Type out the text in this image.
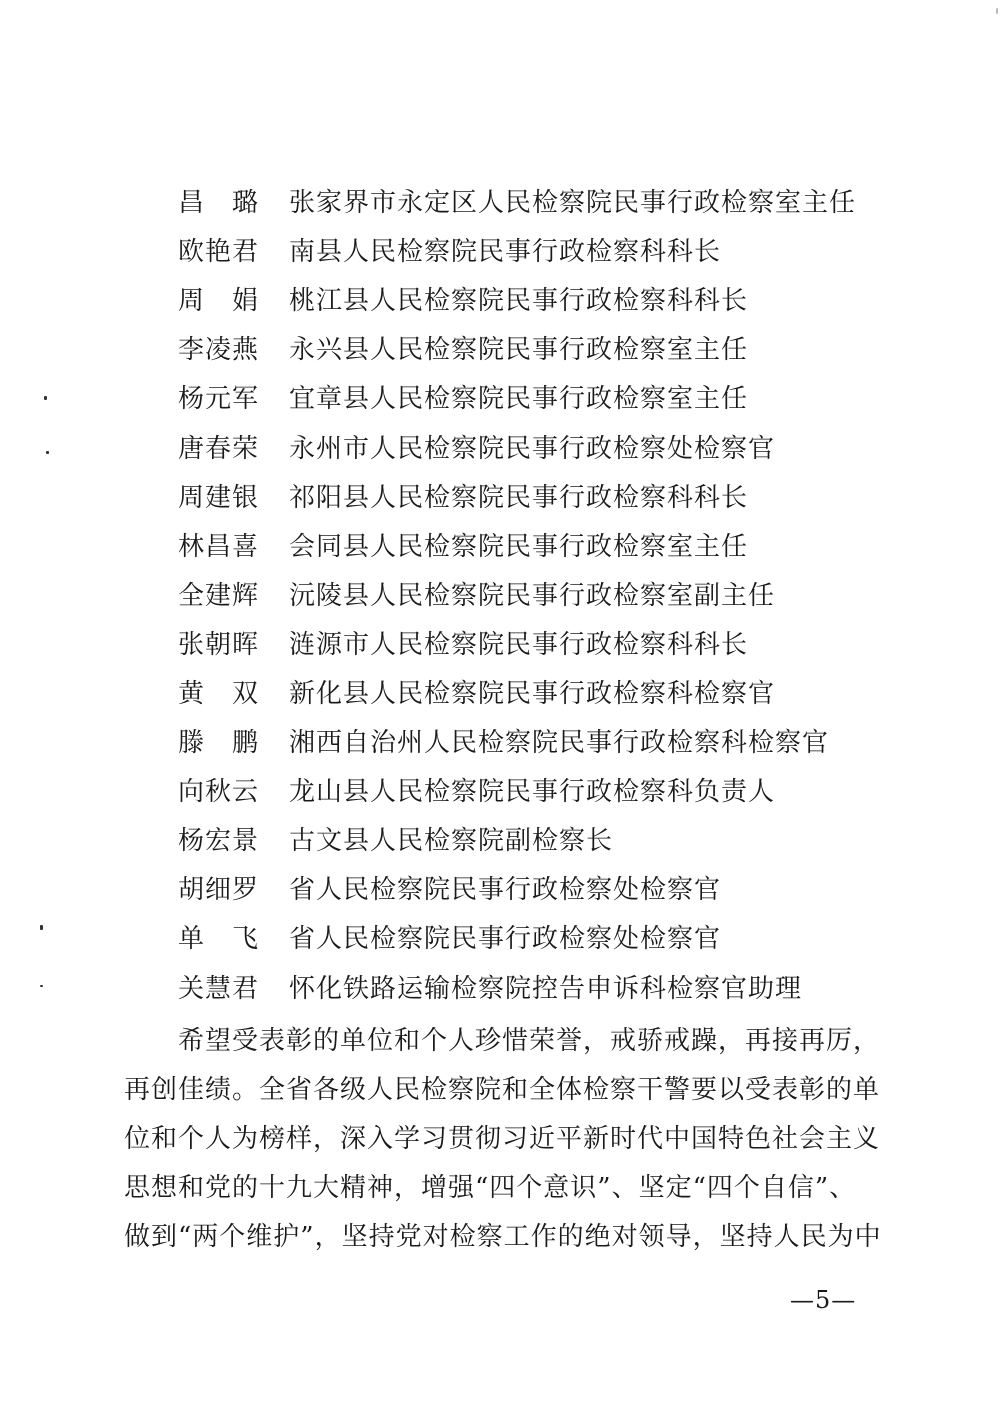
昌　璐	张家界市永定区人民检察院民事行政检察室主任
欧艳君	南县人民检察院民事行政检察科科长
周　娟	桃江县人民检察院民事行政检察科科长
李凌燕	永兴县人民检察院民事行政检察室主任
杨元军	宜章县人民检察院民事行政检察室主任
唐春荣	永州市人民检察院民事行政检察处检察官
周建银	祁阳县人民检察院民事行政检察科科长
林昌喜	会同县人民检察院民事行政检察室主任
全建辉	沅陵县人民检察院民事行政检察室副主任
张朝晖	涟源市人民检察院民事行政检察科科长
黄　双	新化县人民检察院民事行政检察科检察官
滕　鹏	湘西自治州人民检察院民事行政检察科检察官
向秋云	龙山县人民检察院民事行政检察科负责人
杨宏景	古文县人民检察院副检察长
胡细罗	省人民检察院民事行政检察处检察官
单　飞	省人民检察院民事行政检察处检察官
关慧君	怀化铁路运输检察院控告申诉科检察官助理
希望受表彰的单位和个人珍惜荣誉，戒骄戒躁，再接再厉，
再创佳绩。全省各级人民检察院和全体检察干警要以受表彰的单
位和个人为榜样，深入学习贯彻习近平新时代中国特色社会主义
思想和党的十九大精神，增强“四个意识”、坚定“四个自信”、
做到“两个维护”，坚持党对检察工作的绝对领导，坚持人民为中
—5—
